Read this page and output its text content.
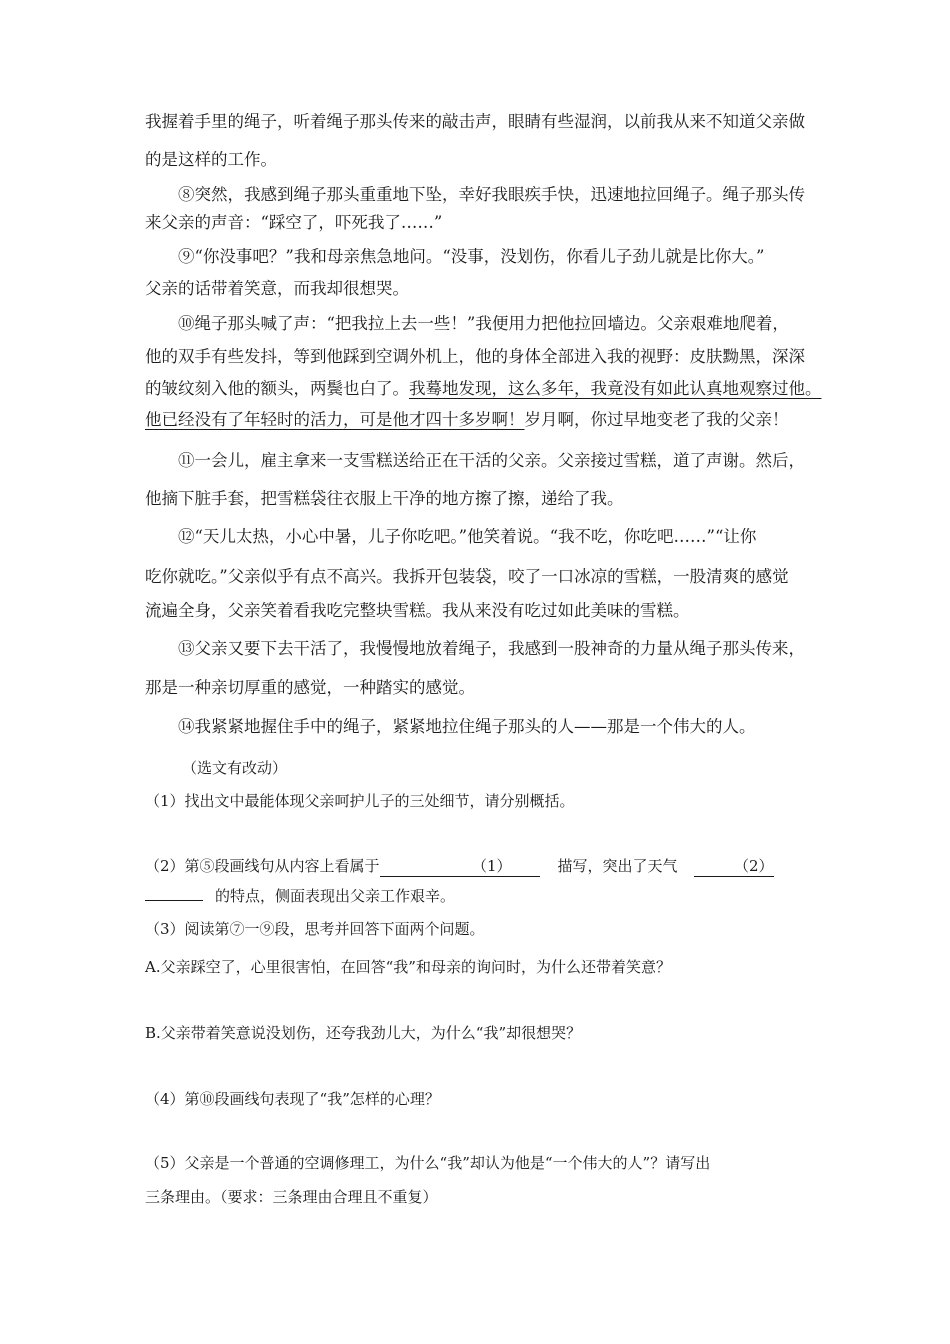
我握着手里的绳子，听着绳子那头传来的敲击声，眼睛有些湿润，以前我从来不知道父亲做
的是这样的工作。
⑧突然，我感到绳子那头重重地下坠，幸好我眼疾手快，迅速地拉回绳子。绳子那头传
来父亲的声音：“踩空了，吓死我了……”
⑨“你没事吧？”我和母亲焦急地问。“没事，没划伤，你看儿子劲儿就是比你大。”
父亲的话带着笑意，而我却很想哭。
⑩绳子那头喊了声：“把我拉上去一些！”我便用力把他拉回墙边。父亲艰难地爬着，
他的双手有些发抖，等到他踩到空调外机上，他的身体全部进入我的视野：皮肤黝黑，深深
的皱纹刻入他的额头，两鬓也白了。我蓦地发现，这么多年，我竟没有如此认真地观察过他。
他已经没有了年轻时的活力，可是他才四十多岁啊！岁月啊，你过早地变老了我的父亲！
⑪一会儿，雇主拿来一支雪糕送给正在干活的父亲。父亲接过雪糕，道了声谢。然后，
他摘下脏手套，把雪糕袋往衣服上干净的地方擦了擦，递给了我。
⑫“天儿太热，小心中暑，儿子你吃吧。”他笑着说。“我不吃，你吃吧……”“让你
吃你就吃。”父亲似乎有点不高兴。我拆开包装袋，咬了一口冰凉的雪糕，一股清爽的感觉
流遍全身，父亲笑着看我吃完整块雪糕。我从来没有吃过如此美味的雪糕。
⑬父亲又要下去干活了，我慢慢地放着绳子，我感到一股神奇的力量从绳子那头传来，
那是一种亲切厚重的感觉，一种踏实的感觉。
⑭我紧紧地握住手中的绳子，紧紧地拉住绳子那头的人——那是一个伟大的人。
（选文有改动）
（1）找出文中最能体现父亲呵护儿子的三处细节，请分别概括。
（2）第⑤段画线句从内容上看属于	（1）	描写，突出了天气	（2）
的特点，侧面表现出父亲工作艰辛。
（3）阅读第⑦一⑨段，思考并回答下面两个问题。
A.父亲踩空了，心里很害怕，在回答“我”和母亲的询问时，为什么还带着笑意？
B.父亲带着笑意说没划伤，还夸我劲儿大，为什么“我”却很想哭？
（4）第⑩段画线句表现了“我”怎样的心理？
（5）父亲是一个普通的空调修理工，为什么“我”却认为他是“一个伟大的人”？请写出
三条理由。（要求：三条理由合理且不重复）
